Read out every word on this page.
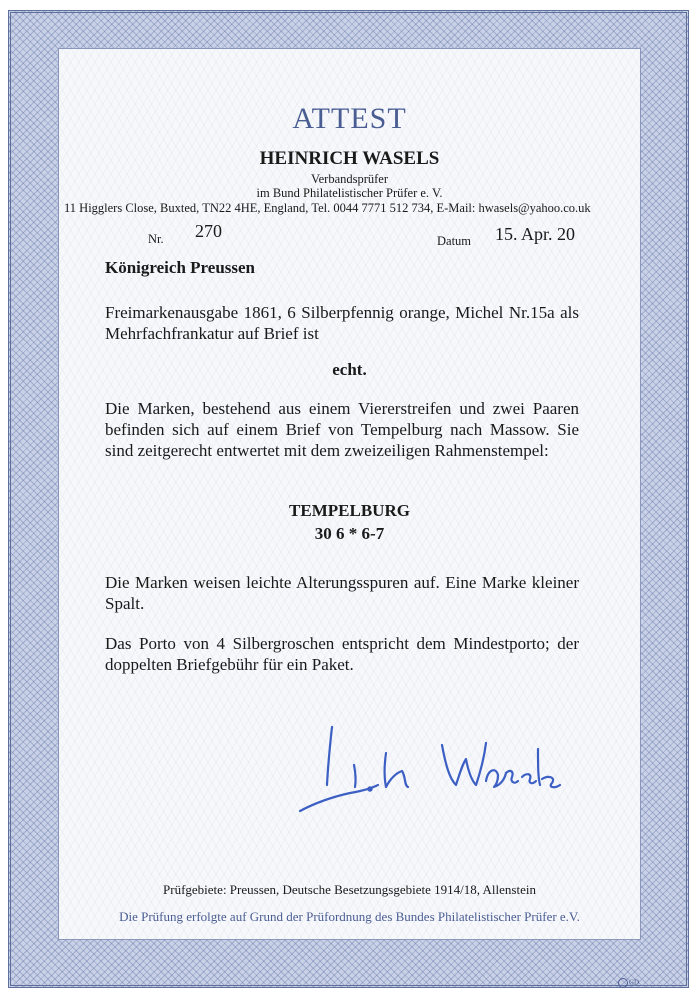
ATTEST
HEINRICH WASELS
Verbandsprüfer
im Bund Philatelistischer Prüfer e. V.
11 Higglers Close, Buxted, TN22 4HE, England, Tel. 0044 7771 512 734, E-Mail: hwasels@yahoo.co.uk
Nr. 270	Datum 15. Apr. 20
Königreich Preussen
Freimarkenausgabe 1861, 6 Silberpfennig orange, Michel Nr.15a als Mehrfachfrankatur auf Brief ist
echt.
Die Marken, bestehend aus einem Viererstreifen und zwei Paaren befinden sich auf einem Brief von Tempelburg nach Massow. Sie sind zeitgerecht entwertet mit dem zweizeiligen Rahmenstempel:
TEMPELBURG
30 6 * 6-7
Die Marken weisen leichte Alterungsspuren auf. Eine Marke kleiner Spalt.
Das Porto von 4 Silbergroschen entspricht dem Mindestporto; der doppelten Briefgebühr für ein Paket.
Prüfgebiete: Preussen, Deutsche Besetzungsgebiete 1914/18, Allenstein
Die Prüfung erfolgte auf Grund der Prüfordnung des Bundes Philatelistischer Prüfer e.V.
GD
